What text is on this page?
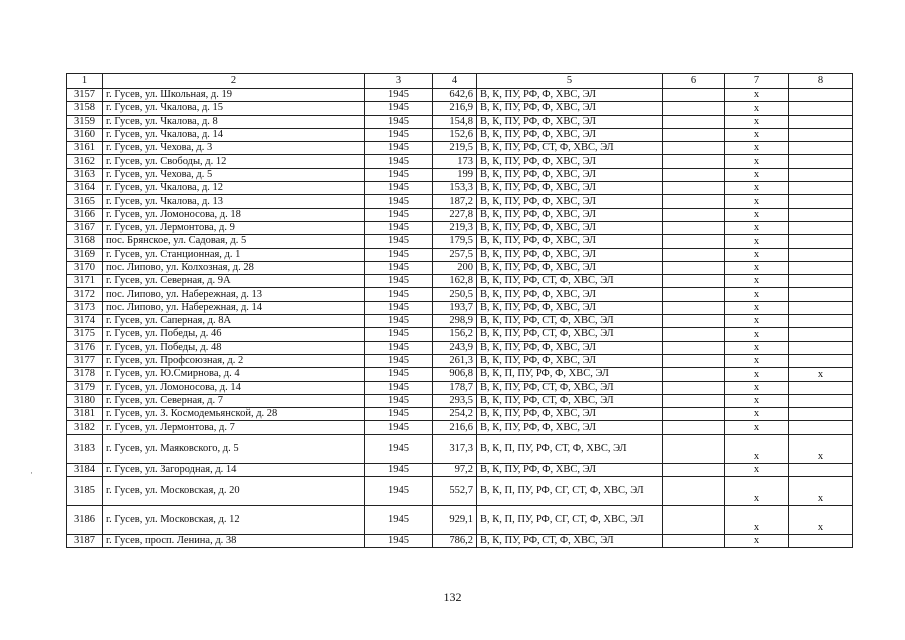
·
1	2	3	4	5	6	7	8
3157	г. Гусев, ул. Школьная, д. 19	1945	642,6	В, К, ПУ, РФ, Ф, ХВС, ЭЛ		х	
3158	г. Гусев, ул. Чкалова, д. 15	1945	216,9	В, К, ПУ, РФ, Ф, ХВС, ЭЛ		х	
3159	г. Гусев, ул. Чкалова, д. 8	1945	154,8	В, К, ПУ, РФ, Ф, ХВС, ЭЛ		х	
3160	г. Гусев, ул. Чкалова, д. 14	1945	152,6	В, К, ПУ, РФ, Ф, ХВС, ЭЛ		х	
3161	г. Гусев, ул. Чехова, д. 3	1945	219,5	В, К, ПУ, РФ, СТ, Ф, ХВС, ЭЛ		х	
3162	г. Гусев, ул. Свободы, д. 12	1945	173	В, К, ПУ, РФ, Ф, ХВС, ЭЛ		х	
3163	г. Гусев, ул. Чехова, д. 5	1945	199	В, К, ПУ, РФ, Ф, ХВС, ЭЛ		х	
3164	г. Гусев, ул. Чкалова, д. 12	1945	153,3	В, К, ПУ, РФ, Ф, ХВС, ЭЛ		х	
3165	г. Гусев, ул. Чкалова, д. 13	1945	187,2	В, К, ПУ, РФ, Ф, ХВС, ЭЛ		х	
3166	г. Гусев, ул. Ломоносова, д. 18	1945	227,8	В, К, ПУ, РФ, Ф, ХВС, ЭЛ		х	
3167	г. Гусев, ул. Лермонтова, д. 9	1945	219,3	В, К, ПУ, РФ, Ф, ХВС, ЭЛ		х	
3168	пос. Брянское, ул. Садовая, д. 5	1945	179,5	В, К, ПУ, РФ, Ф, ХВС, ЭЛ		х	
3169	г. Гусев, ул. Станционная, д. 1	1945	257,5	В, К, ПУ, РФ, Ф, ХВС, ЭЛ		х	
3170	пос. Липово, ул. Колхозная, д. 28	1945	200	В, К, ПУ, РФ, Ф, ХВС, ЭЛ		х	
3171	г. Гусев, ул. Северная, д. 9А	1945	162,8	В, К, ПУ, РФ, СТ, Ф, ХВС, ЭЛ		х	
3172	пос. Липово, ул. Набережная, д. 13	1945	250,5	В, К, ПУ, РФ, Ф, ХВС, ЭЛ		х	
3173	пос. Липово, ул. Набережная, д. 14	1945	193,7	В, К, ПУ, РФ, Ф, ХВС, ЭЛ		х	
3174	г. Гусев, ул. Саперная, д. 8А	1945	298,9	В, К, ПУ, РФ, СТ, Ф, ХВС, ЭЛ		х	
3175	г. Гусев, ул. Победы, д. 46	1945	156,2	В, К, ПУ, РФ, СТ, Ф, ХВС, ЭЛ		х	
3176	г. Гусев, ул. Победы, д. 48	1945	243,9	В, К, ПУ, РФ, Ф, ХВС, ЭЛ		х	
3177	г. Гусев, ул. Профсоюзная, д. 2	1945	261,3	В, К, ПУ, РФ, Ф, ХВС, ЭЛ		х	
3178	г. Гусев, ул. Ю.Смирнова, д. 4	1945	906,8	В, К, П, ПУ, РФ, Ф, ХВС, ЭЛ		х	х
3179	г. Гусев, ул. Ломоносова, д. 14	1945	178,7	В, К, ПУ, РФ, СТ, Ф, ХВС, ЭЛ		х	
3180	г. Гусев, ул. Северная, д. 7	1945	293,5	В, К, ПУ, РФ, СТ, Ф, ХВС, ЭЛ		х	
3181	г. Гусев, ул. З. Космодемьянской, д. 28	1945	254,2	В, К, ПУ, РФ, Ф, ХВС, ЭЛ		х	
3182	г. Гусев, ул. Лермонтова, д. 7	1945	216,6	В, К, ПУ, РФ, Ф, ХВС, ЭЛ		х	
3183	г. Гусев, ул. Маяковского, д. 5	1945	317,3	В, К, П, ПУ, РФ, СТ, Ф, ХВС, ЭЛ		х	х
3184	г. Гусев, ул. Загородная, д. 14	1945	97,2	В, К, ПУ, РФ, Ф, ХВС, ЭЛ		х	
3185	г. Гусев, ул. Московская, д. 20	1945	552,7	В, К, П, ПУ, РФ, СГ, СТ, Ф, ХВС, ЭЛ		х	х
3186	г. Гусев, ул. Московская, д. 12	1945	929,1	В, К, П, ПУ, РФ, СГ, СТ, Ф, ХВС, ЭЛ		х	х
3187	г. Гусев, просп. Ленина, д. 38	1945	786,2	В, К, ПУ, РФ, СТ, Ф, ХВС, ЭЛ		х	
132
